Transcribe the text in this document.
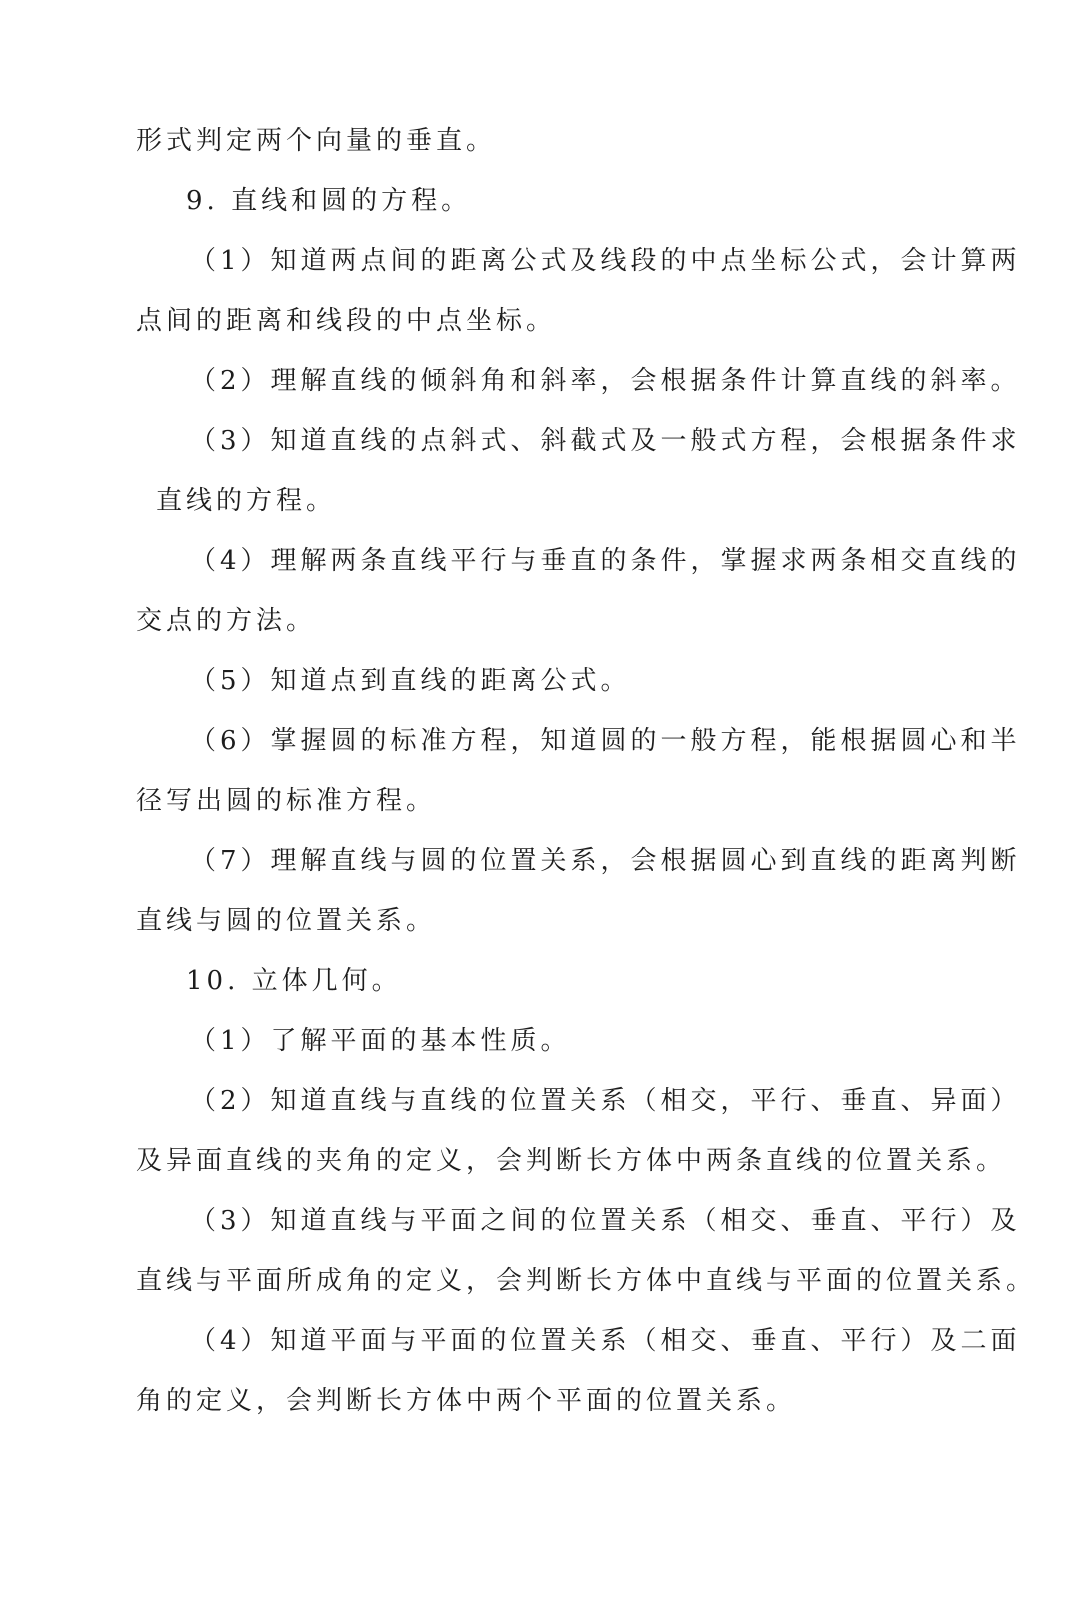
形式判定两个向量的垂直。

9. 直线和圆的方程。

（1）知道两点间的距离公式及线段的中点坐标公式，会计算两

点间的距离和线段的中点坐标。

（2）理解直线的倾斜角和斜率，会根据条件计算直线的斜率。

（3）知道直线的点斜式、斜截式及一般式方程，会根据条件求

直线的方程。

（4）理解两条直线平行与垂直的条件，掌握求两条相交直线的

交点的方法。

（5）知道点到直线的距离公式。

（6）掌握圆的标准方程，知道圆的一般方程，能根据圆心和半

径写出圆的标准方程。

（7）理解直线与圆的位置关系，会根据圆心到直线的距离判断

直线与圆的位置关系。

10. 立体几何。

（1）了解平面的基本性质。

（2）知道直线与直线的位置关系（相交，平行、垂直、异面）

及异面直线的夹角的定义，会判断长方体中两条直线的位置关系。

（3）知道直线与平面之间的位置关系（相交、垂直、平行）及

直线与平面所成角的定义，会判断长方体中直线与平面的位置关系。

（4）知道平面与平面的位置关系（相交、垂直、平行）及二面

角的定义，会判断长方体中两个平面的位置关系。
